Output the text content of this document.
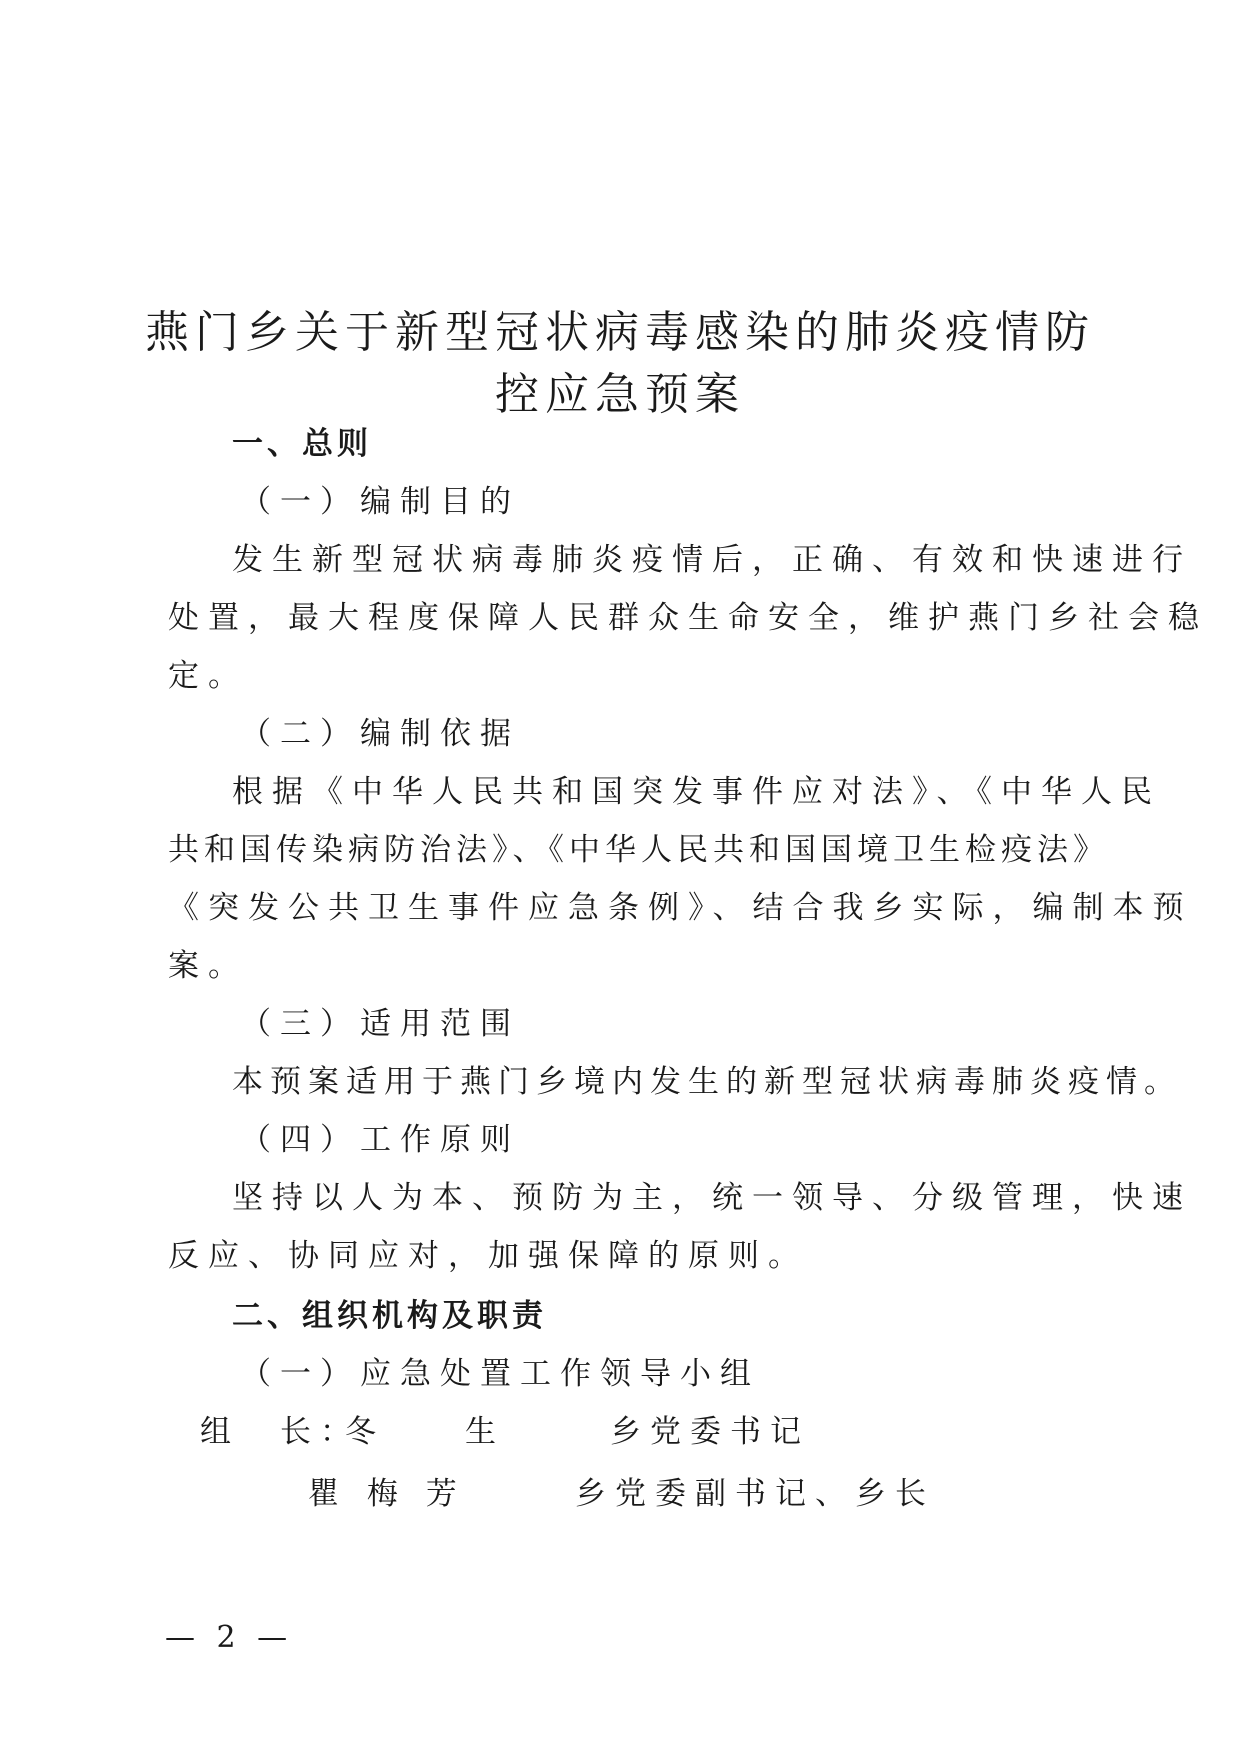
燕门乡关于新型冠状病毒感染的肺炎疫情防
控应急预案
一、总则
（一）编制目的
发生新型冠状病毒肺炎疫情后，正确、有效和快速进行
处置，最大程度保障人民群众生命安全，维护燕门乡社会稳
定。
（二）编制依据
根据《中华人民共和国突发事件应对法》、《中华人民
共和国传染病防治法》、《中华人民共和国国境卫生检疫法》
《突发公共卫生事件应急条例》、结合我乡实际，编制本预
案。
（三）适用范围
本预案适用于燕门乡境内发生的新型冠状病毒肺炎疫情。
（四）工作原则
坚持以人为本、预防为主，统一领导、分级管理，快速
反应、协同应对，加强保障的原则。
二、组织机构及职责
（一）应急处置工作领导小组
组　长：
冬　　生	乡党委书记
瞿 梅 芳	乡党委副书记、乡长
— 2 —
